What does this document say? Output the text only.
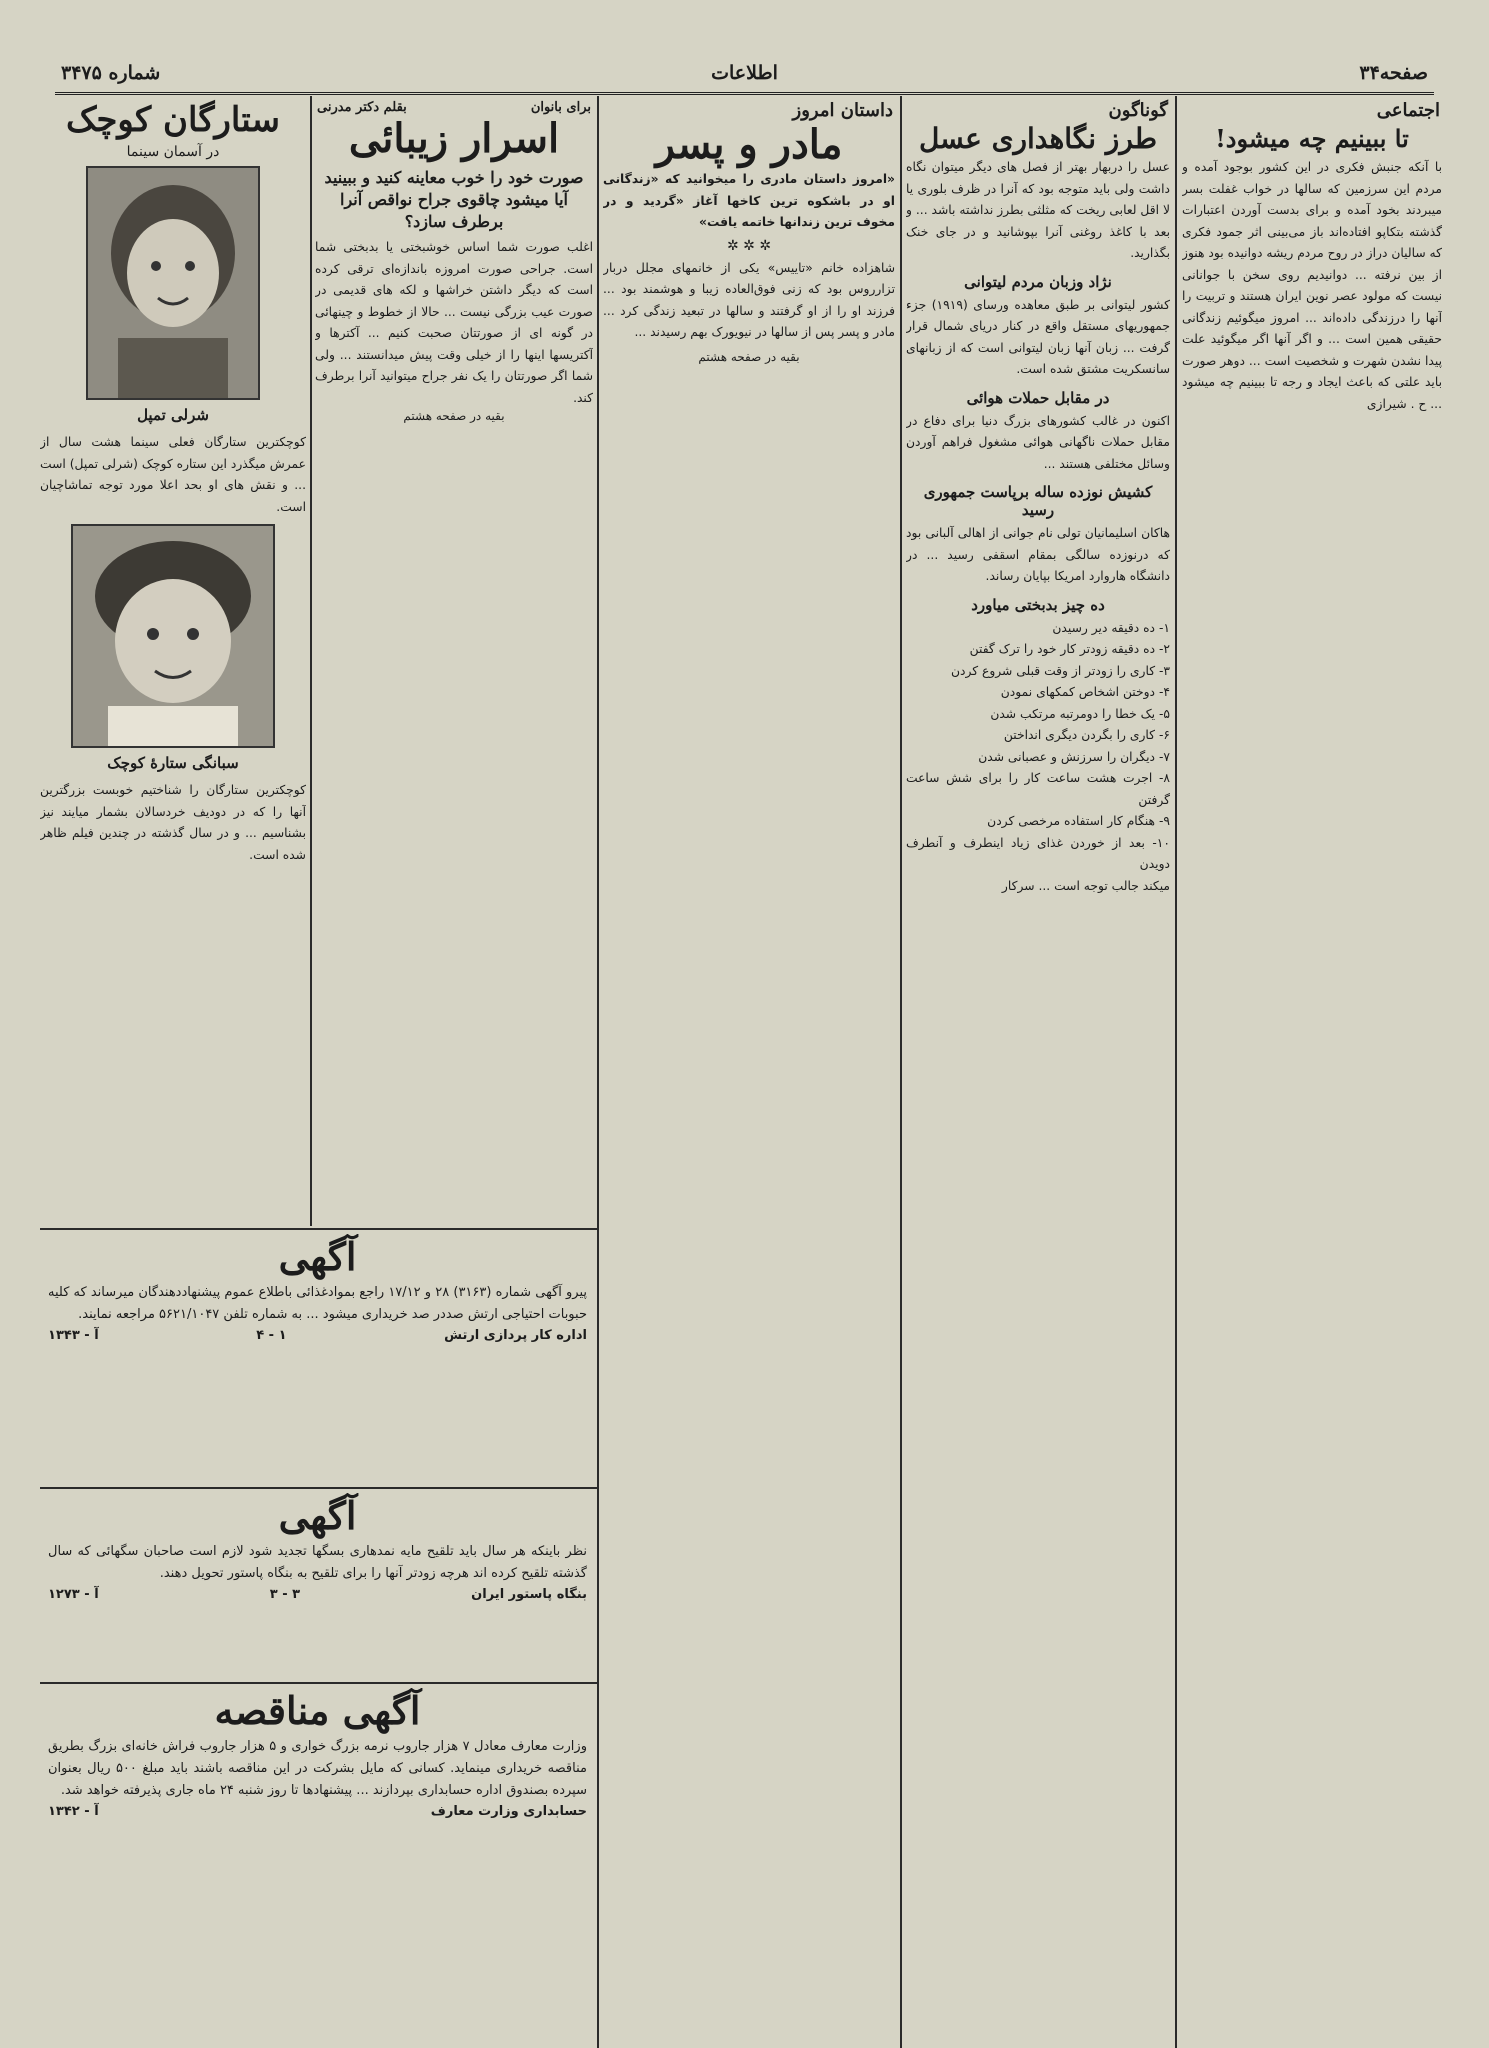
شماره ۳۴۷۵	اطلاعات	صفحه۳۴
اجتماعی

تا ببینیم چه میشود!

با آنکه جنبش فکری در این کشور بوجود آمده و مردم این سرزمین که سالها در خواب غفلت بسر میبردند بخود آمده و برای بدست آوردن اعتبارات گذشته بتکاپو افتاده‌اند باز می‌بینی اثر جمود فکری که سالیان دراز در روح مردم ریشه دوانیده بود هنوز از بین نرفته ... دوانیدیم روی سخن با جوانانی نیست که مولود عصر نوین ایران هستند و تربیت را آنها را درزندگی داده‌اند ... امروز میگوئیم زندگانی حقیقی همین است ... و اگر آنها اگر میگوئید علت پیدا نشدن شهرت و شخصیت است ... دوهر صورت باید علتی که باعث ایجاد و رجه تا ببینیم چه میشود ... ح . شیرازی

گوناگون

طرز نگاهداری عسل

عسل را دربهار بهتر از فصل های دیگر میتوان نگاه داشت ولی باید متوجه بود که آنرا در ظرف بلوری یا لا اقل لعابی ریخت که مثلثی بطرز نداشته باشد ... و بعد با کاغذ روغنی آنرا بپوشانید و در جای خنک بگذارید.

نژاد وزبان مردم لیتوانی

کشور لیتوانی بر طبق معاهده ورسای (۱۹۱۹) جزء جمهوریهای مستقل واقع در کنار دریای شمال قرار گرفت ... زبان آنها زبان لیتوانی است که از زبانهای سانسکریت مشتق شده است.

در مقابل حملات هوائی

اکنون در غالب کشورهای بزرگ دنیا برای دفاع در مقابل حملات ناگهانی هوائی مشغول فراهم آوردن وسائل مختلفی هستند ...

کشیش نوزده ساله برپاست جمهوری رسید

هاکان اسلیمانیان تولی نام جوانی از اهالی آلبانی بود که درنوزده سالگی بمقام اسقفی رسید ... در دانشگاه هاروارد امریکا بپایان رساند.

ده چیز بدبختی میاورد

۱- ده دقیقه دیر رسیدن

۲- ده دقیقه زودتر کار خود را ترک گفتن

۳- کاری را زودتر از وقت قبلی شروع کردن

۴- دوختن اشخاص کمکهای نمودن

۵- یک خطا را دومرتبه مرتکب شدن

۶- کاری را بگردن دیگری انداختن

۷- دیگران را سرزنش و عصبانی شدن

۸- اجرت هشت ساعت کار را برای شش ساعت گرفتن

۹- هنگام کار استفاده مرخصی کردن

۱۰- بعد از خوردن غذای زیاد اینطرف و آنطرف دویدن

میکند جالب توجه است ... سرکار

داستان امروز

مادر و پسر

«امروز داستان مادری را میخوانید که «زندگانی او در باشکوه ترین کاخها آغاز «گردید و در مخوف ترین زندانها خاتمه یافت»

✲ ✲ ✲

شاهزاده خانم «تاییس» یکی از خانمهای مجلل دربار تزارروس بود که زنی فوق‌العاده زیبا و هوشمند بود ... فرزند او را از او گرفتند و سالها در تبعید زندگی کرد ... مادر و پسر پس از سالها در نیویورک بهم رسیدند ...

بقیه در صفحه هشتم
برای بانوان
بقلم دکتر مدرنی

اسرار زیبائی

صورت خود را خوب معاینه کنید و ببینید آیا میشود چاقوی جراح نواقص آنرا برطرف سازد؟

اغلب صورت شما اساس خوشبختی یا بدبختی شما است. جراحی صورت امروزه باندازه‌ای ترقی کرده است که دیگر داشتن خراشها و لکه های قدیمی در صورت عیب بزرگی نیست ... حالا از خطوط و چینهائی در گونه ای از صورتتان صحبت کنیم ... آکترها و آکتریسها اینها را از خیلی وقت پیش میدانستند ... ولی شما اگر صورتتان را یک نفر جراح میتوانید آنرا برطرف کند.

بقیه در صفحه هشتم

ستارگان کوچک

در آسمان سینما
شرلی تمپل

کوچکترین ستارگان فعلی سینما هشت سال از عمرش میگذرد این ستاره کوچک (شرلی تمپل) است ... و نقش های او بحد اعلا مورد توجه تماشاچیان است.

سبانگی ستارۀ کوچک

کوچکترین ستارگان را شناختیم خوبست بزرگترین آنها را که در دودیف خردسالان بشمار میایند نیز بشناسیم ... و در سال گذشته در چندین فیلم ظاهر شده است.

آگهی

پیرو آگهی شماره (۳۱۶۳) ۲۸ و ۱۷/۱۲ راجع بموادغذائی باطلاع عموم پیشنهاددهندگان میرساند که کلیه حبوبات احتیاجی ارتش صددر صد خریداری میشود ... به شماره تلفن ۵۶۲۱/۱۰۴۷ مراجعه نمایند.

اداره کار پردازی ارتش
۱ - ۴
آ - ۱۳۴۳

آگهی

نظر باینکه هر سال باید تلقیح مایه نمدهاری بسگها تجدید شود لازم است صاحبان سگهائی که سال گذشته تلقیح کرده اند هرچه زودتر آنها را برای تلقیح به بنگاه پاستور تحویل دهند.

بنگاه پاستور ایران
۳ - ۳
آ - ۱۲۷۳

آگهی مناقصه

وزارت معارف معادل ۷ هزار جاروب نرمه بزرگ خواری و ۵ هزار جاروب فراش خانه‌ای بزرگ بطریق مناقصه خریداری مینماید. کسانی که مایل بشرکت در این مناقصه باشند باید مبلغ ۵۰۰ ریال بعنوان سپرده بصندوق اداره حسابداری بپردازند ... پیشنهادها تا روز شنبه ۲۴ ماه جاری پذیرفته خواهد شد.

حسابداری وزارت معارف
آ - ۱۳۴۲
